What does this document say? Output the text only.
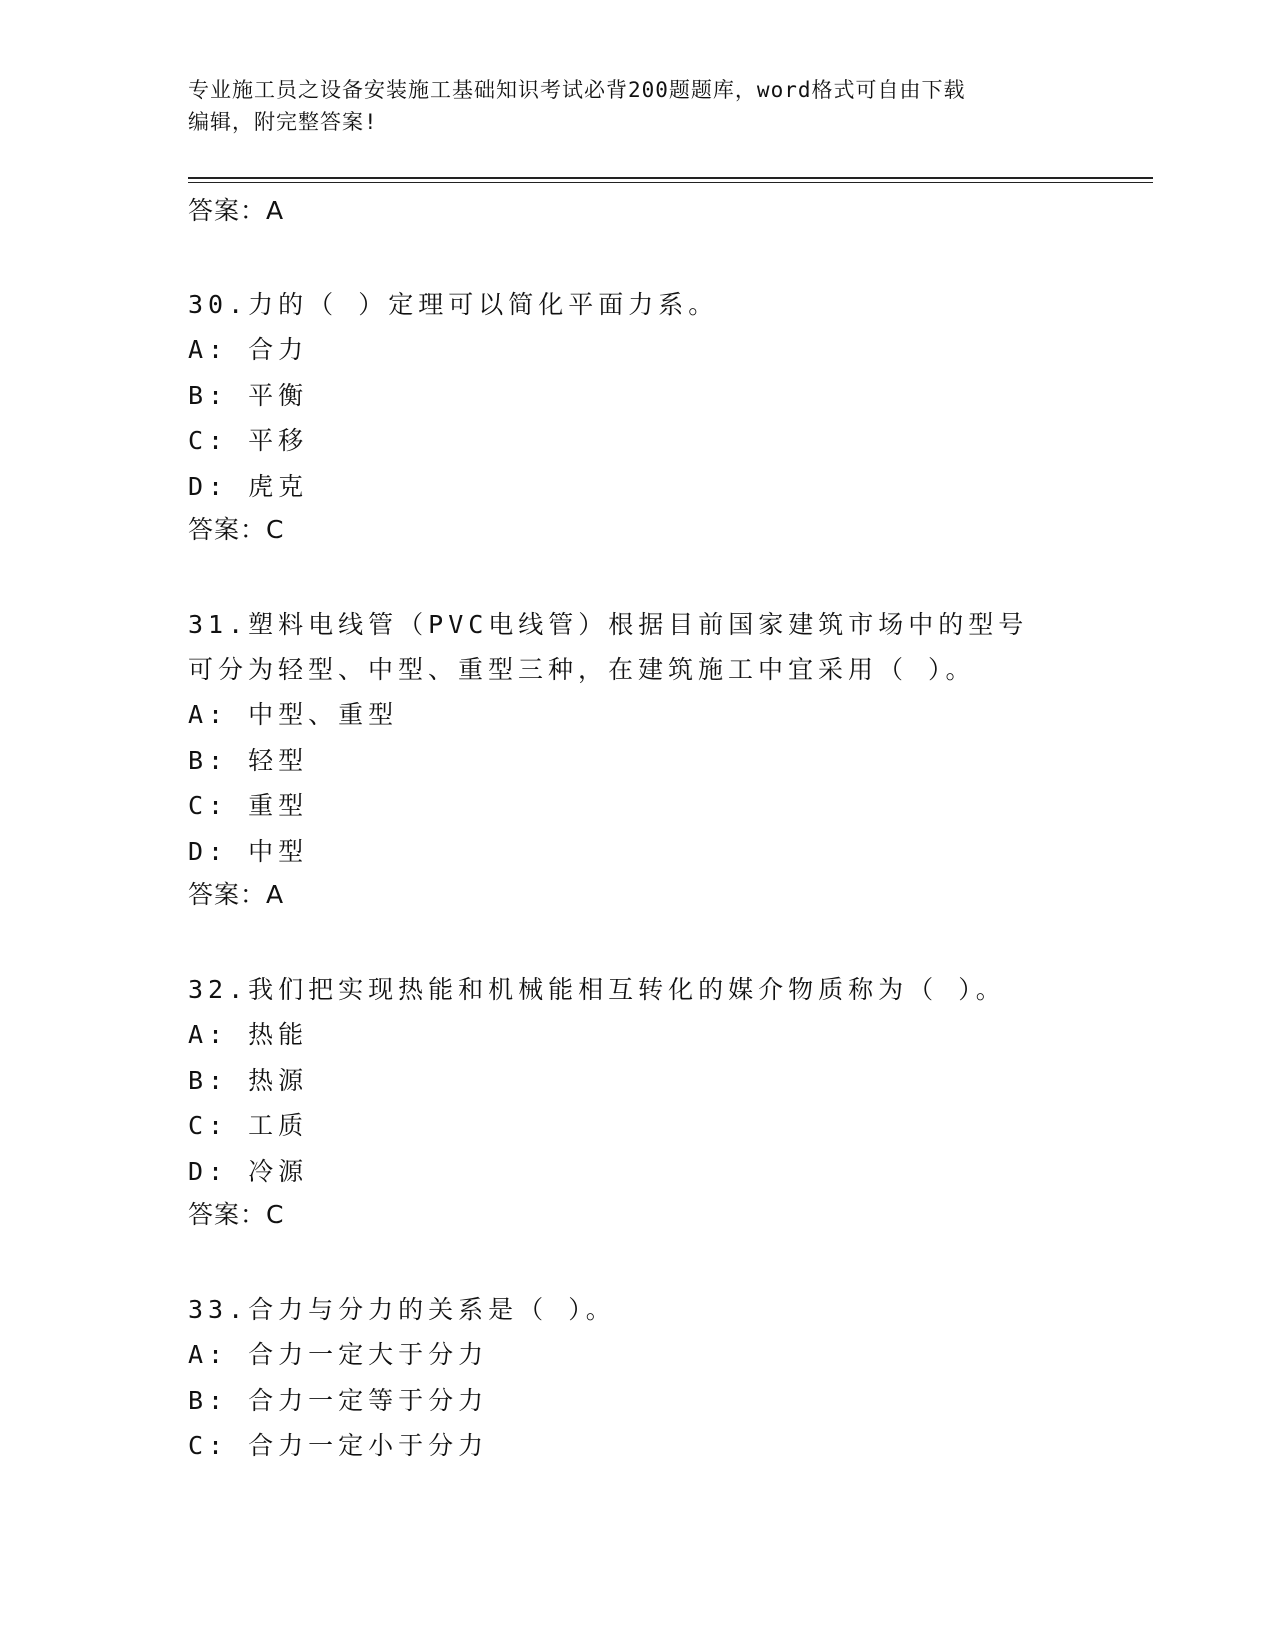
专业施工员之设备安装施工基础知识考试必背200题题库，word格式可自由下载
编辑，附完整答案!
答案：A
30.力的（ ）定理可以简化平面力系。
A: 合力
B: 平衡
C: 平移
D: 虎克
答案：C
31.塑料电线管（PVC电线管）根据目前国家建筑市场中的型号可分为轻型、中型、重型三种，在建筑施工中宜采用（ ）。
A: 中型、重型
B: 轻型
C: 重型
D: 中型
答案：A
32.我们把实现热能和机械能相互转化的媒介物质称为（ ）。
A: 热能
B: 热源
C: 工质
D: 冷源
答案：C
33.合力与分力的关系是（ ）。
A: 合力一定大于分力
B: 合力一定等于分力
C: 合力一定小于分力
